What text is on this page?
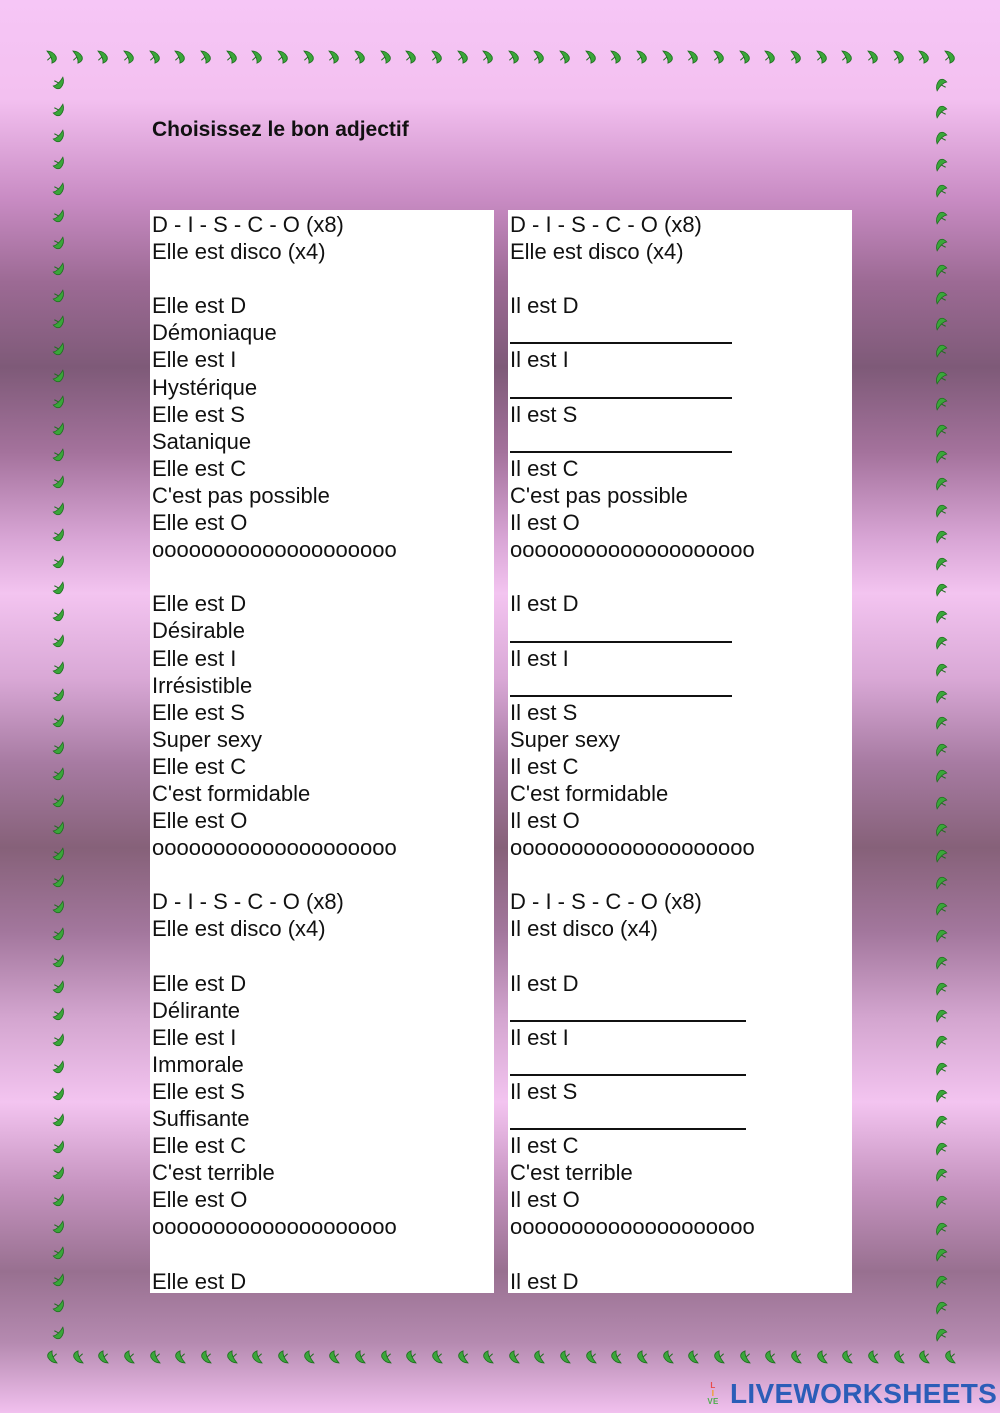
Choisissez le bon adjectif
D - I - S - C - O (x8)
Elle est disco (x4)
Elle est D
Démoniaque
Elle est I
Hystérique
Elle est S
Satanique
Elle est C
C'est pas possible
Elle est O
oooooooooooooooooooo
Elle est D
Désirable
Elle est I
Irrésistible
Elle est S
Super sexy
Elle est C
C'est formidable
Elle est O
oooooooooooooooooooo
D - I - S - C - O (x8)
Elle est disco (x4)
Elle est D
Délirante
Elle est I
Immorale
Elle est S
Suffisante
Elle est C
C'est terrible
Elle est O
oooooooooooooooooooo
Elle est D
D - I - S - C - O (x8)
Elle est disco (x4)
Il est D
Il est I
Il est S
Il est C
C'est pas possible
Il est O
oooooooooooooooooooo
Il est D
Il est I
Il est S
Super sexy
Il est C
C'est formidable
Il est O
oooooooooooooooooooo
D - I - S - C - O (x8)
Il est disco (x4)
Il est D
Il est I
Il est S
Il est C
C'est terrible
Il est O
oooooooooooooooooooo
Il est D
L
I
VE LIVEWORKSHEETS
